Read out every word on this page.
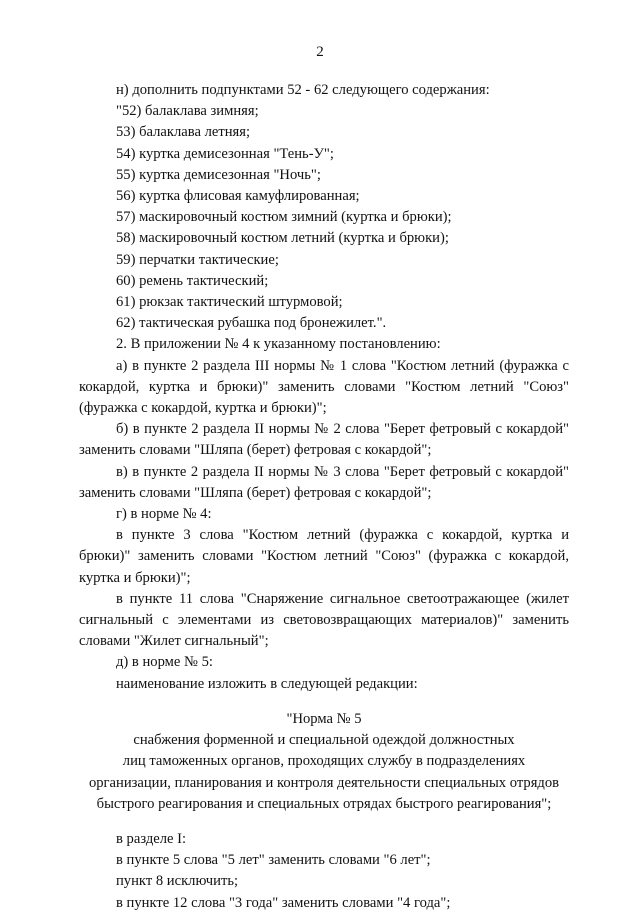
2

н) дополнить подпунктами 52 - 62 следующего содержания:

"52) балаклава зимняя;

53) балаклава летняя;

54) куртка демисезонная "Тень-У";

55) куртка демисезонная "Ночь";

56) куртка флисовая камуфлированная;

57) маскировочный костюм зимний (куртка и брюки);

58) маскировочный костюм летний (куртка и брюки);

59) перчатки тактические;

60) ремень тактический;

61) рюкзак тактический штурмовой;

62) тактическая рубашка под бронежилет.".

2. В приложении № 4 к указанному постановлению:

а) в пункте 2 раздела III нормы № 1 слова "Костюм летний (фуражка с кокардой, куртка и брюки)" заменить словами "Костюм летний "Союз" (фуражка с кокардой, куртка и брюки)";

б) в пункте 2 раздела II нормы № 2 слова "Берет фетровый с кокардой" заменить словами "Шляпа (берет) фетровая с кокардой";

в) в пункте 2 раздела II нормы № 3 слова "Берет фетровый с кокардой" заменить словами "Шляпа (берет) фетровая с кокардой";

г) в норме № 4:

в пункте 3 слова "Костюм летний (фуражка с кокардой, куртка и брюки)" заменить словами "Костюм летний "Союз" (фуражка с кокардой, куртка и брюки)";

в пункте 11 слова "Снаряжение сигнальное светоотражающее (жилет сигнальный с элементами из световозвращающих материалов)" заменить словами "Жилет сигнальный";

д) в норме № 5:

наименование изложить в следующей редакции:

"Норма № 5

снабжения форменной и специальной одеждой должностных

лиц таможенных органов, проходящих службу в подразделениях

организации, планирования и контроля деятельности специальных отрядов

быстрого реагирования и специальных отрядах быстрого реагирования";

в разделе I:

в пункте 5 слова "5 лет" заменить словами "6 лет";

пункт 8 исключить;

в пункте 12 слова "3 года" заменить словами "4 года";
